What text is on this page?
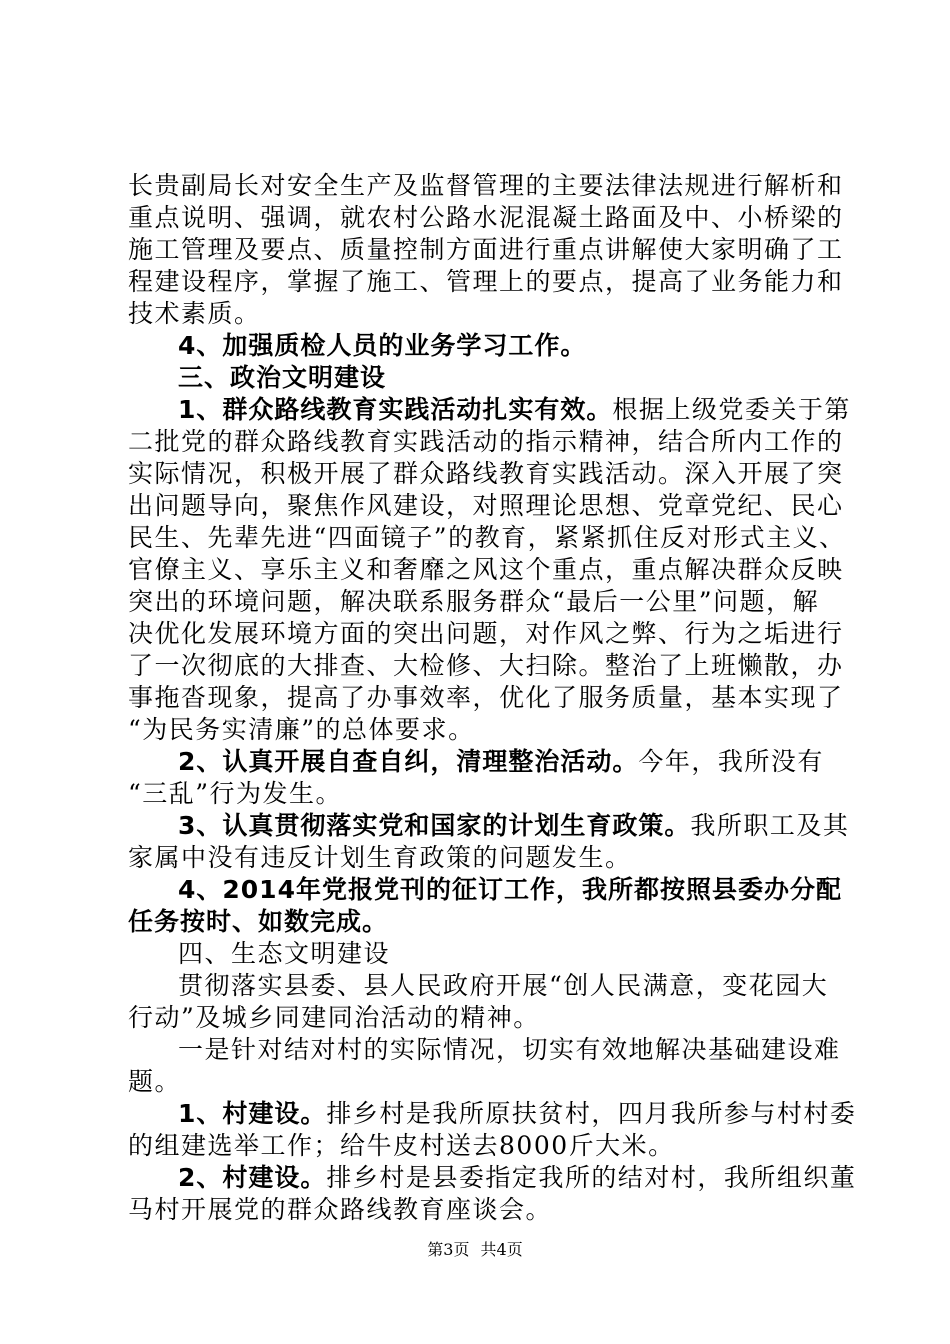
长贵副局长对安全生产及监督管理的主要法律法规进行解析和
重点说明、强调，就农村公路水泥混凝土路面及中、小桥梁的
施工管理及要点、质量控制方面进行重点讲解使大家明确了工
程建设程序，掌握了施工、管理上的要点，提高了业务能力和
技术素质。
4、加强质检人员的业务学习工作。
三、政治文明建设
1、群众路线教育实践活动扎实有效。根据上级党委关于第
二批党的群众路线教育实践活动的指示精神，结合所内工作的
实际情况，积极开展了群众路线教育实践活动。深入开展了突
出问题导向，聚焦作风建设，对照理论思想、党章党纪、民心
民生、先辈先进“四面镜子”的教育，紧紧抓住反对形式主义、
官僚主义、享乐主义和奢靡之风这个重点，重点解决群众反映
突出的环境问题，解决联系服务群众“最后一公里”问题，解
决优化发展环境方面的突出问题，对作风之弊、行为之垢进行
了一次彻底的大排查、大检修、大扫除。整治了上班懒散，办
事拖沓现象，提高了办事效率，优化了服务质量，基本实现了
“为民务实清廉”的总体要求。
2、认真开展自查自纠，清理整治活动。今年，我所没有
“三乱”行为发生。
3、认真贯彻落实党和国家的计划生育政策。我所职工及其
家属中没有违反计划生育政策的问题发生。
4、2014年党报党刊的征订工作，我所都按照县委办分配
任务按时、如数完成。
四、生态文明建设
贯彻落实县委、县人民政府开展“创人民满意，变花园大
行动”及城乡同建同治活动的精神。
一是针对结对村的实际情况，切实有效地解决基础建设难
题。
1、村建设。排乡村是我所原扶贫村，四月我所参与村村委
的组建选举工作；给牛皮村送去8000斤大米。
2、村建设。排乡村是县委指定我所的结对村，我所组织董
马村开展党的群众路线教育座谈会。
第3页 共4页
